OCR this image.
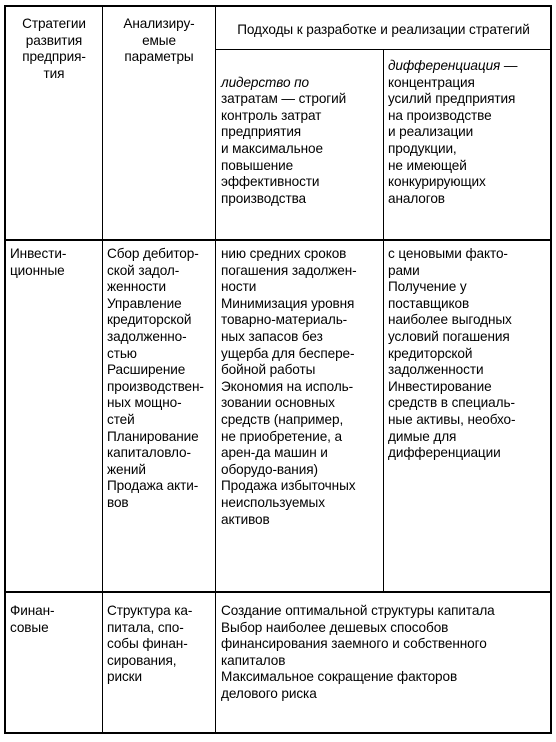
Стратегии
развития
предприя-
тия
Анализиру-
емые
параметры
Подходы к разработке и реализации стратегий

лидерство по
затратам — строгий
контроль затрат
предприятия
и максимальное
повышение
эффективности
производства

дифференциация —
концентрация
усилий предприятия
на производстве
и реализации
продукции,
не имеющей
конкурирующих
аналогов
Инвести-
ционные
Сбор дебитор-
ской задол-
женности
Управление
кредиторской
задолженно-
стью
Расширение
производствен-
ных мощно-
стей
Планирование
капиталовло-
жений
Продажа акти-
вов
нию средних сроков
погашения задолжен-
ности
Минимизация уровня
товарно-материаль-
ных запасов без
ущерба для беспере-
бойной работы
Экономия на исполь-
зовании основных
средств (например,
не приобретение, а
арен-да машин и
оборудо-вания)
Продажа избыточных
неиспользуемых
активов
с ценовыми факто-
рами
Получение у
поставщиков
наиболее выгодных
условий погашения
кредиторской
задолженности
Инвестирование
средств в специаль-
ные активы, необхо-
димые для
дифференциации
Финан-
совые
Структура ка-
питала, спо-
собы финан-
сирования,
риски
Создание оптимальной структуры капитала
Выбор наиболее дешевых способов
финансирования заемного и собственного
капиталов
Максимальное сокращение факторов
делового риска
